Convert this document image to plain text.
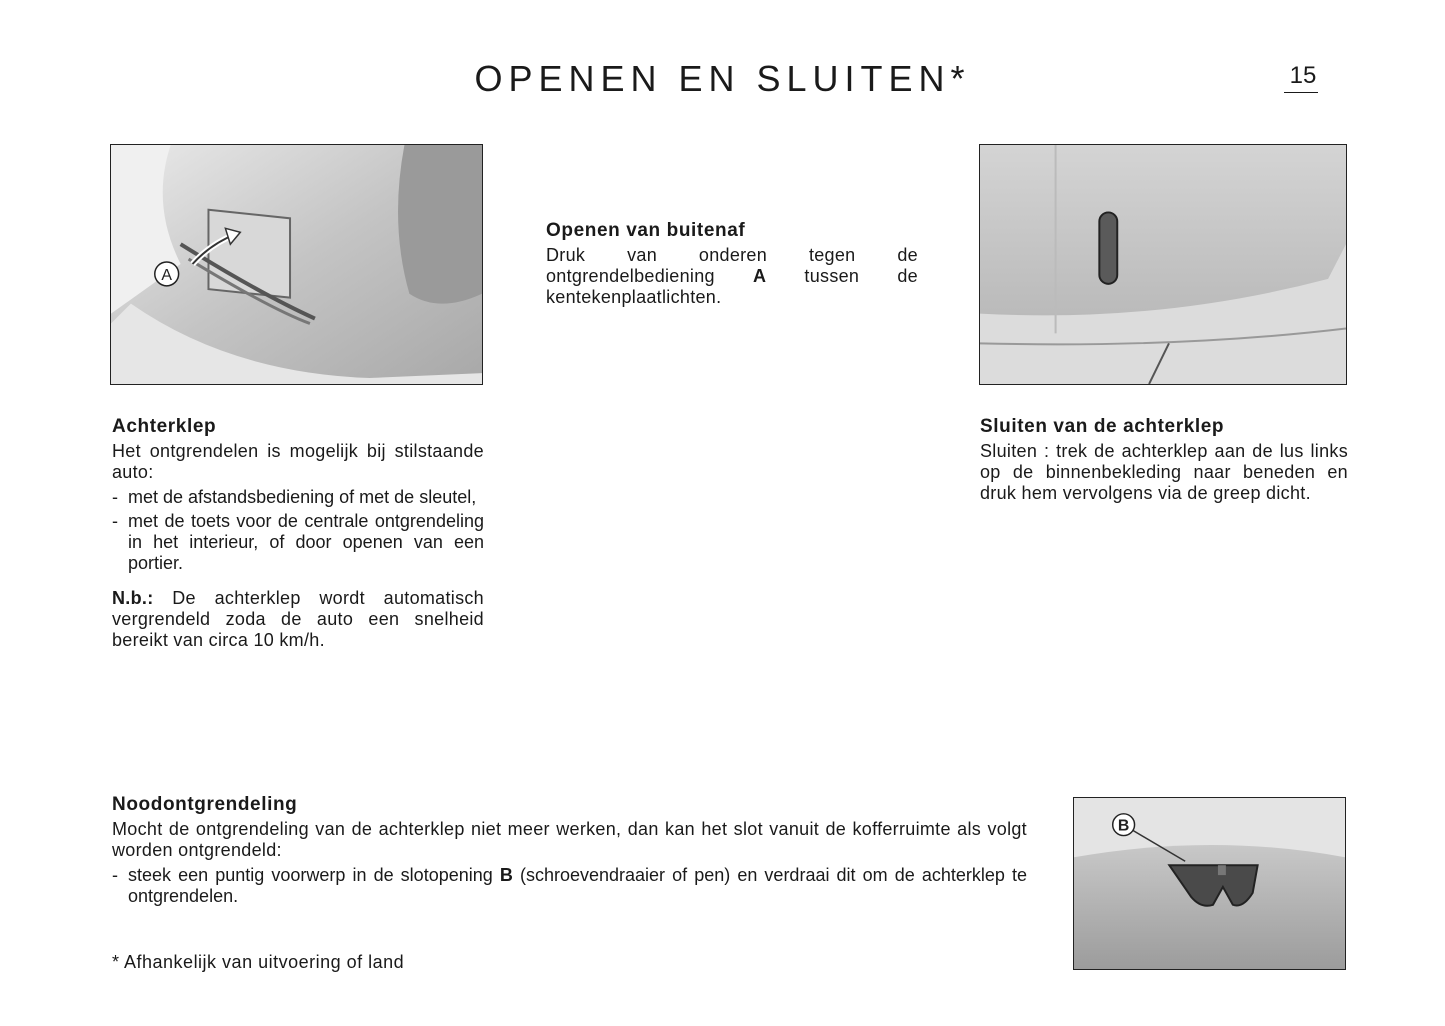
OPENEN EN SLUITEN*	15
A
B
Achterklep

Het ontgrendelen is mogelijk bij stilstaande auto:

- met de afstandsbediening of met de sleutel,
- met de toets voor de centrale ontgrendeling in het interieur, of door openen van een portier.

N.b.: De achterklep wordt automatisch vergrendeld zoda de auto een snelheid bereikt van circa 10 km/h.

Openen van buitenaf

Druk van onderen tegen de ontgrendelbediening A tussen de kentekenplaatlichten.

Sluiten van de achterklep

Sluiten : trek de achterklep aan de lus links op de binnenbekleding naar beneden en druk hem vervolgens via de greep dicht.

Noodontgrendeling

Mocht de ontgrendeling van de achterklep niet meer werken, dan kan het slot vanuit de kofferruimte als volgt worden ontgrendeld:

- steek een puntig voorwerp in de slotopening B (schroevendraaier of pen) en verdraai dit om de achterklep te ontgrendelen.
* Afhankelijk van uitvoering of land
